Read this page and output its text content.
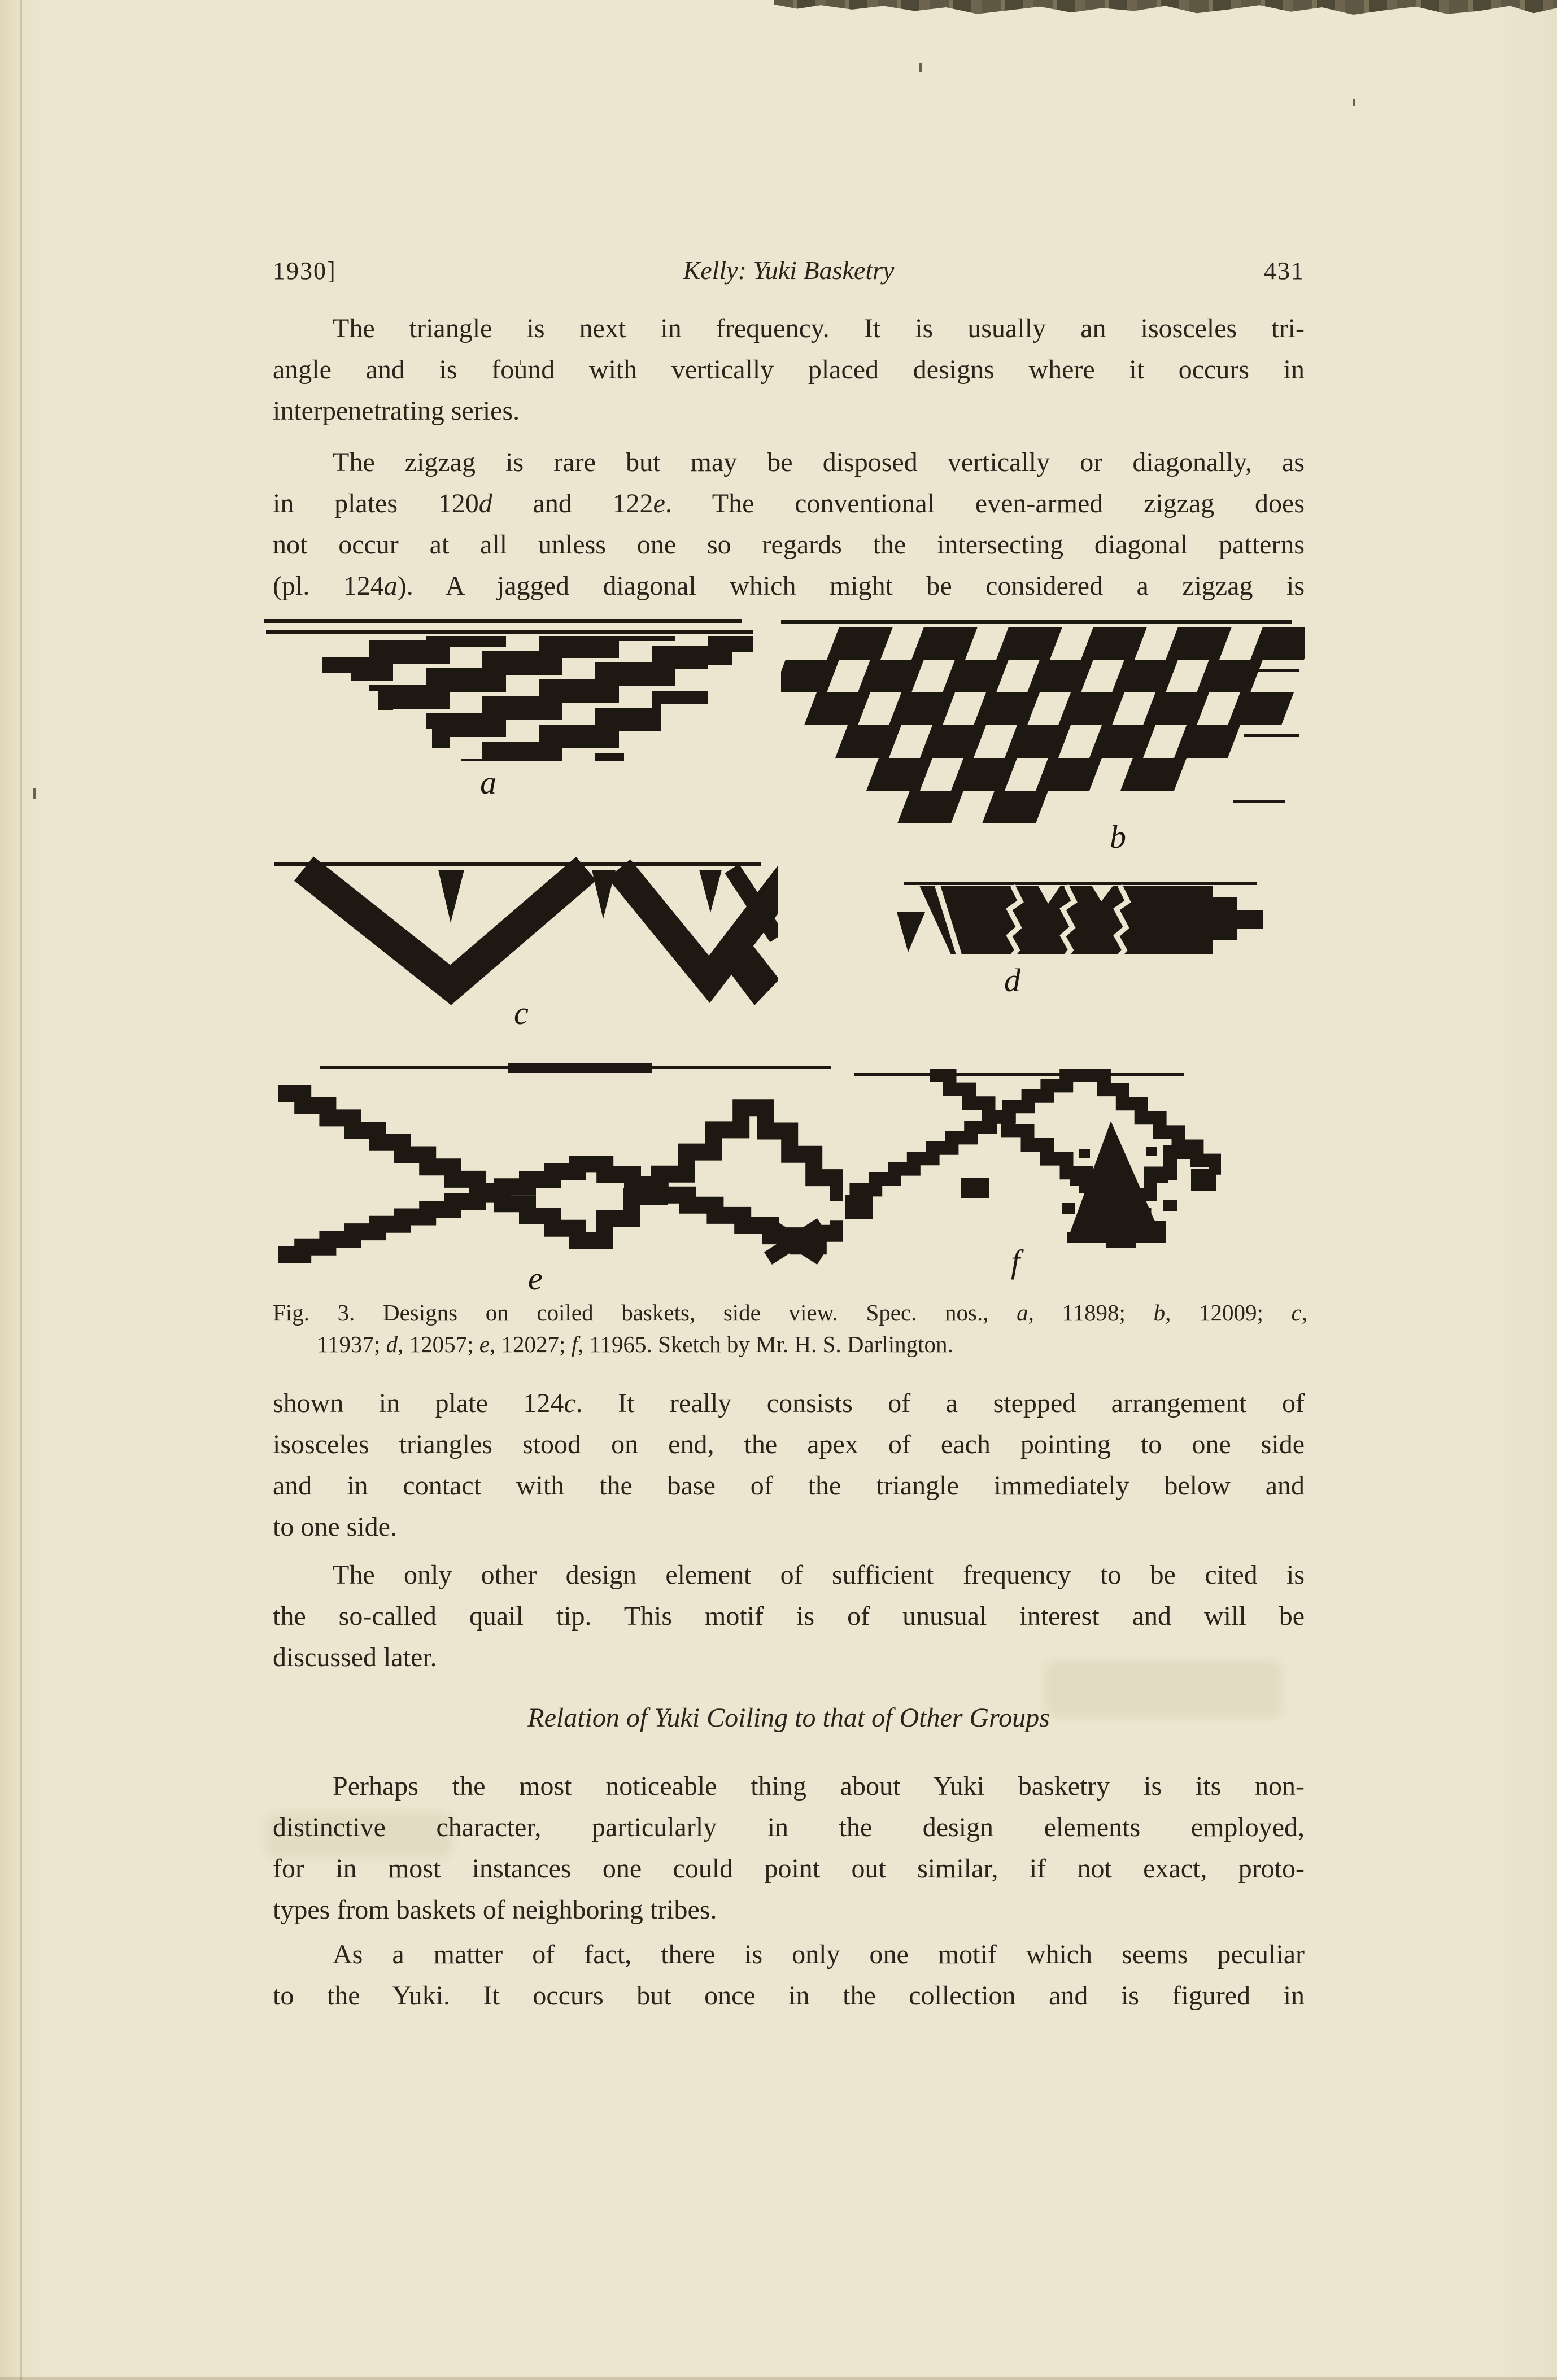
1930]	Kelly: Yuki Basketry	431
The triangle is next in frequency. It is usually an isosceles tri-
angle and is found with vertically placed designs where it occurs in
interpenetrating series.
The zigzag is rare but may be disposed vertically or diagonally, as
in plates 120d and 122e. The conventional even-armed zigzag does
not occur at all unless one so regards the intersecting diagonal patterns
(pl. 124a). A jagged diagonal which might be considered a zigzag is
a
b
c
d
e	f
Fig. 3. Designs on coiled baskets, side view. Spec. nos., a, 11898; b, 12009; c,
11937; d, 12057; e, 12027; f, 11965. Sketch by Mr. H. S. Darlington.
shown in plate 124c. It really consists of a stepped arrangement of
isosceles triangles stood on end, the apex of each pointing to one side
and in contact with the base of the triangle immediately below and
to one side.
The only other design element of sufficient frequency to be cited is
the so-called quail tip. This motif is of unusual interest and will be
discussed later.
Relation of Yuki Coiling to that of Other Groups
Perhaps the most noticeable thing about Yuki basketry is its non-
distinctive character, particularly in the design elements employed,
for in most instances one could point out similar, if not exact, proto-
types from baskets of neighboring tribes.
As a matter of fact, there is only one motif which seems peculiar
to the Yuki. It occurs but once in the collection and is figured in
